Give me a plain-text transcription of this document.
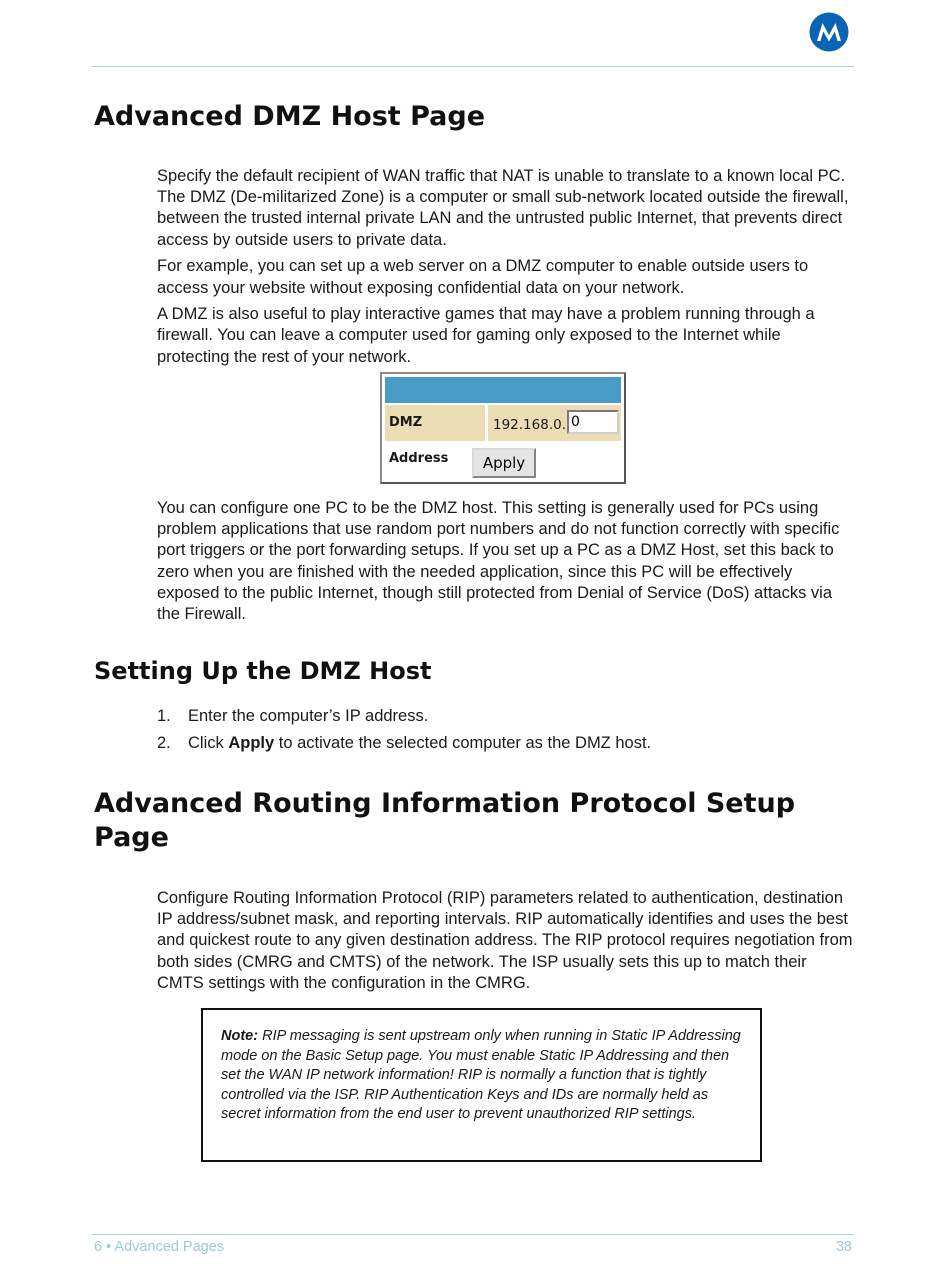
Advanced DMZ Host Page

Specify the default recipient of WAN traffic that NAT is unable to translate to a known local PC. The DMZ (De-militarized Zone) is a computer or small sub-network located outside the firewall, between the trusted internal private LAN and the untrusted public Internet, that prevents direct access by outside users to private data.

For example, you can set up a web server on a DMZ computer to enable outside users to access your website without exposing confidential data on your network.

A DMZ is also useful to play interactive games that may have a problem running through a firewall. You can leave a computer used for gaming only exposed to the Internet while protecting the rest of your network.

DMZ Address
192.168.0.
0
Apply

You can configure one PC to be the DMZ host. This setting is generally used for PCs using problem applications that use random port numbers and do not function correctly with specific port triggers or the port forwarding setups. If you set up a PC as a DMZ Host, set this back to zero when you are finished with the needed application, since this PC will be effectively exposed to the public Internet, though still protected from Denial of Service (DoS) attacks via the Firewall.

Setting Up the DMZ Host
1. Enter the computer’s IP address.
2. Click Apply to activate the selected computer as the DMZ host.
Advanced Routing Information Protocol Setup Page

Configure Routing Information Protocol (RIP) parameters related to authentication, destination IP address/subnet mask, and reporting intervals. RIP automatically identifies and uses the best and quickest route to any given destination address. The RIP protocol requires negotiation from both sides (CMRG and CMTS) of the network. The ISP usually sets this up to match their CMTS settings with the configuration in the CMRG.

Note: RIP messaging is sent upstream only when running in Static IP Addressing mode on the Basic Setup page. You must enable Static IP Addressing and then set the WAN IP network information! RIP is normally a function that is tightly controlled via the ISP. RIP Authentication Keys and IDs are normally held as secret information from the end user to prevent unauthorized RIP settings.
6 • Advanced Pages	38
